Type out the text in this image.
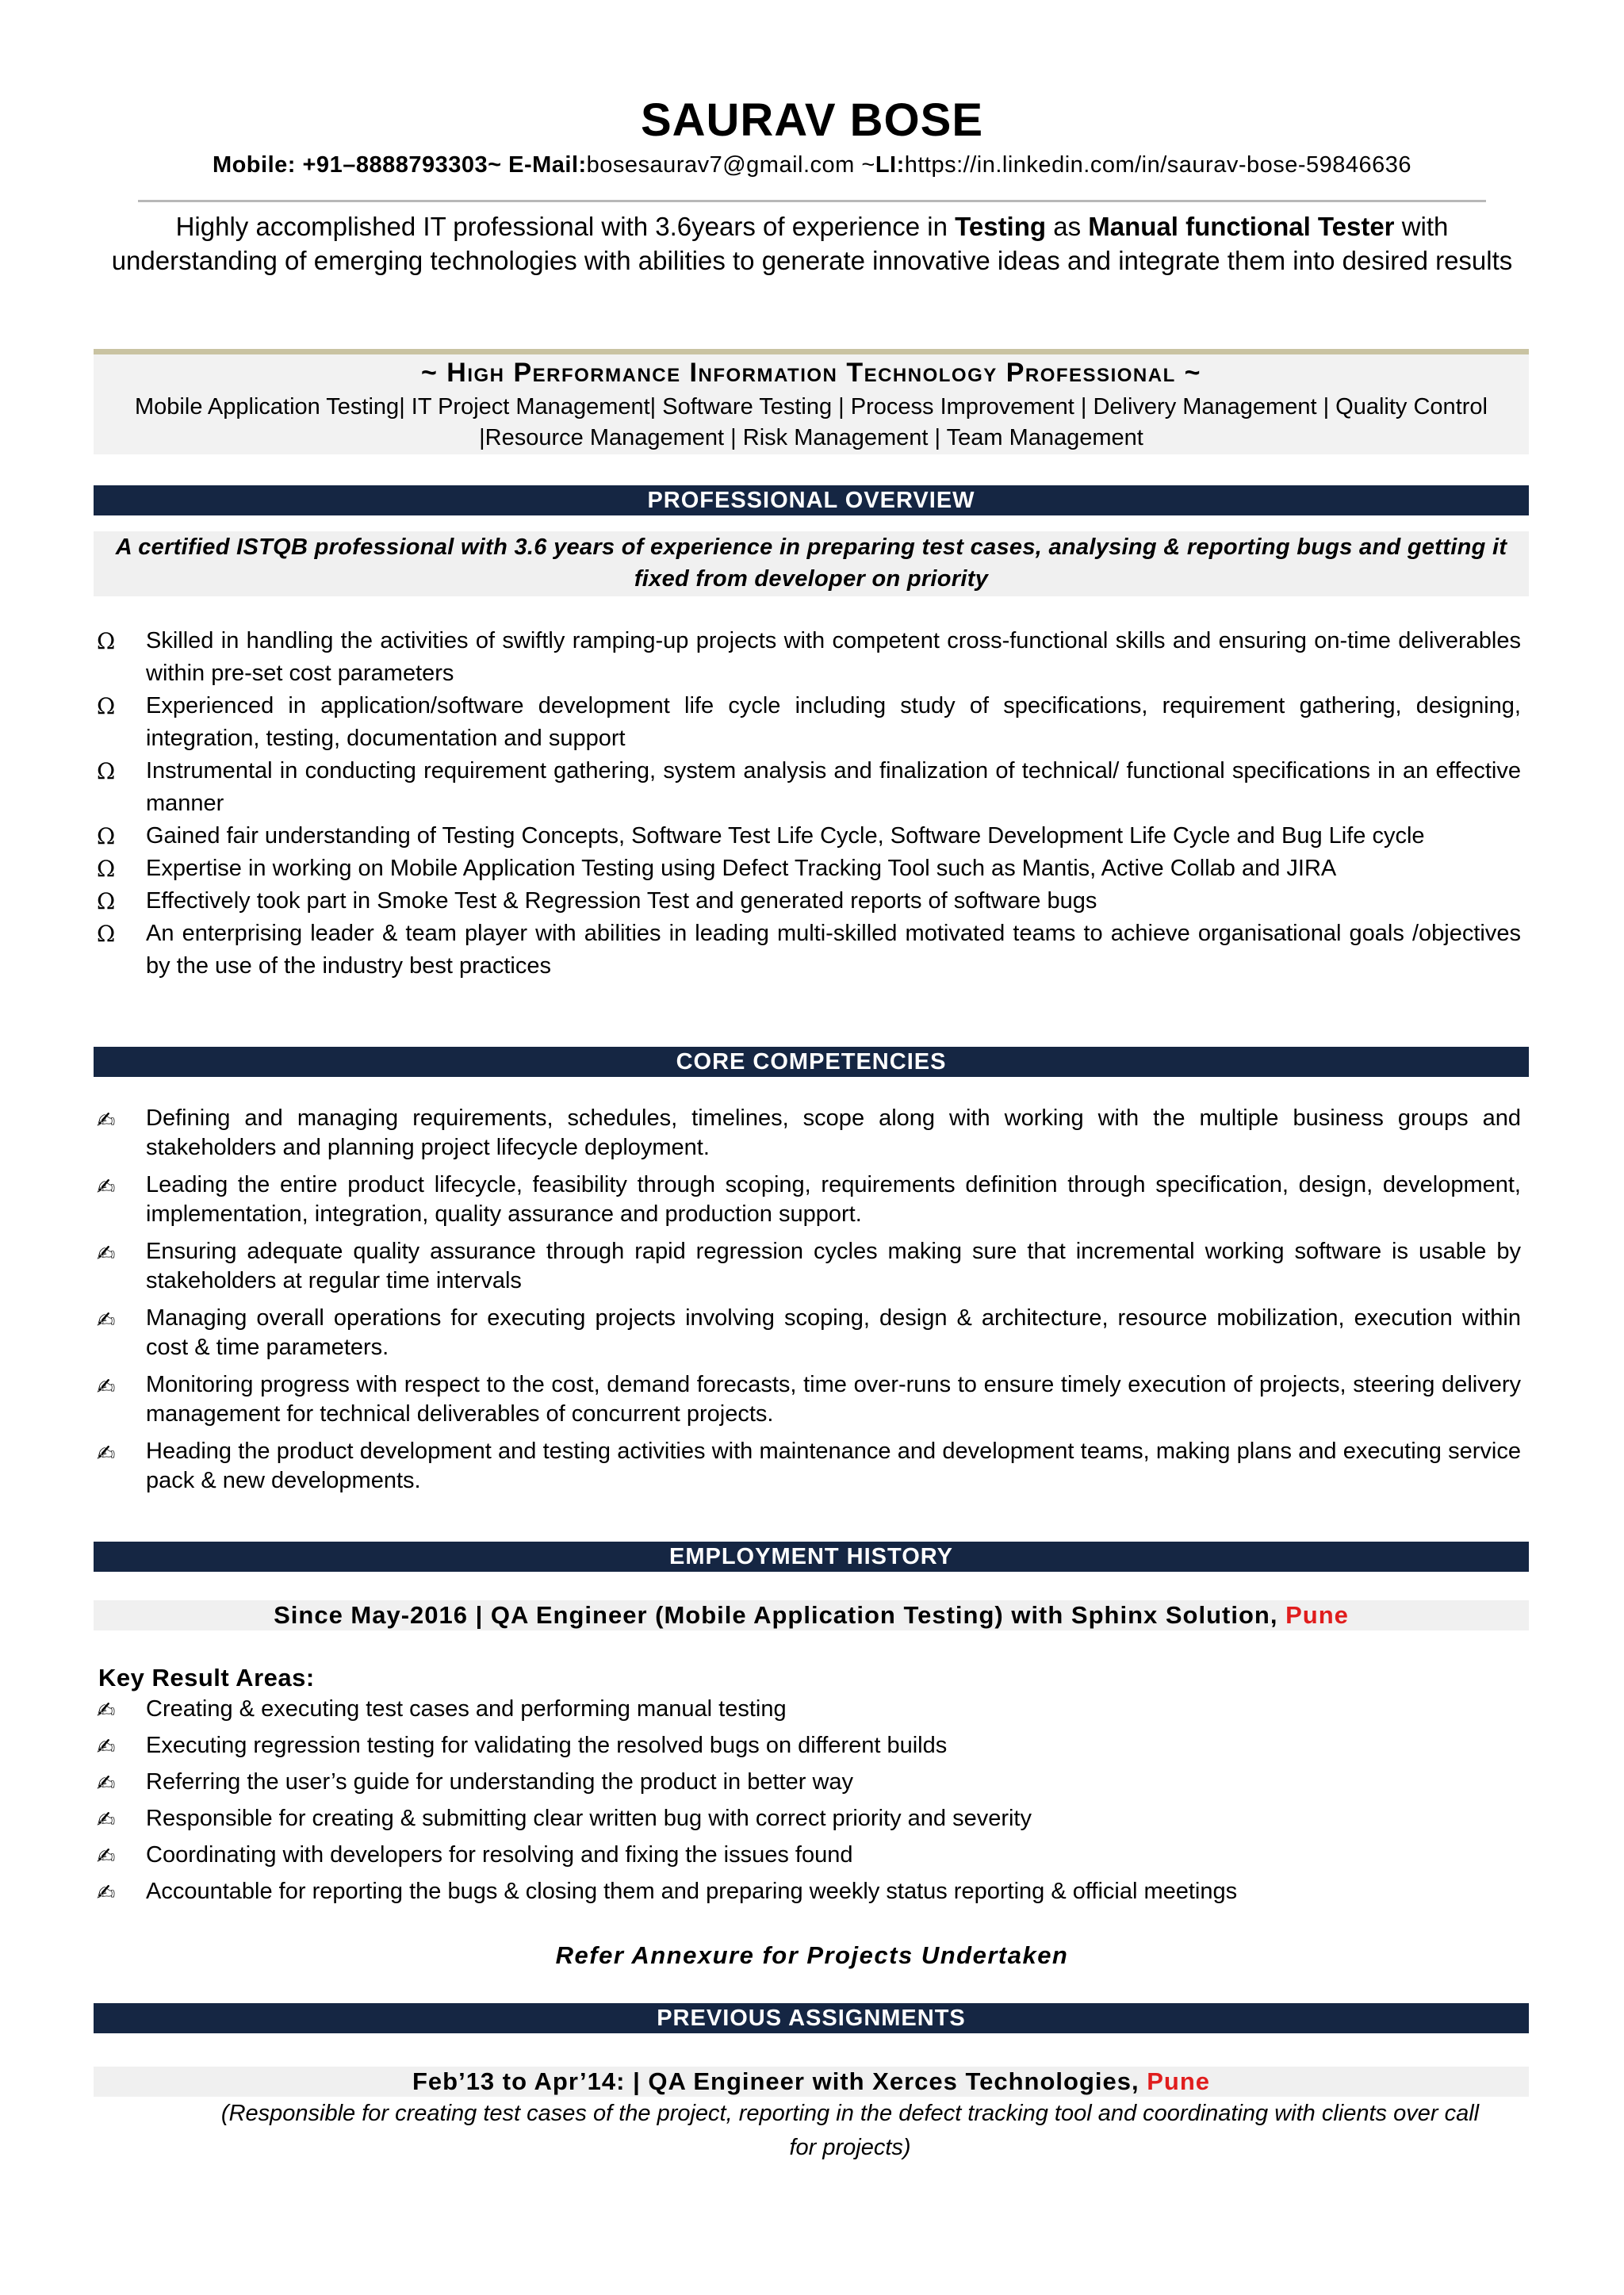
SAURAV BOSE
Mobile: +91–8888793303~ E-Mail:bosesaurav7@gmail.com ~LI:https://in.linkedin.com/in/saurav-bose-59846636
Highly accomplished IT professional with 3.6years of experience in Testing as Manual functional Tester with understanding of emerging technologies with abilities to generate innovative ideas and integrate them into desired results
~ High Performance Information Technology Professional ~
Mobile Application Testing| IT Project Management| Software Testing | Process Improvement | Delivery Management | Quality Control |Resource Management | Risk Management | Team Management
PROFESSIONAL OVERVIEW
A certified ISTQB professional with 3.6 years of experience in preparing test cases, analysing & reporting bugs and getting it fixed from developer on priority
Ω Skilled in handling the activities of swiftly ramping-up projects with competent cross-functional skills and ensuring on-time deliverables within pre-set cost parameters
Ω Experienced in application/software development life cycle including study of specifications, requirement gathering, designing, integration, testing, documentation and support
Ω Instrumental in conducting requirement gathering, system analysis and finalization of technical/ functional specifications in an effective manner
Ω Gained fair understanding of Testing Concepts, Software Test Life Cycle, Software Development Life Cycle and Bug Life cycle
Ω Expertise in working on Mobile Application Testing using Defect Tracking Tool such as Mantis, Active Collab and JIRA
Ω Effectively took part in Smoke Test & Regression Test and generated reports of software bugs
Ω An enterprising leader & team player with abilities in leading multi-skilled motivated teams to achieve organisational goals /objectives by the use of the industry best practices
CORE COMPETENCIES
✍ Defining and managing requirements, schedules, timelines, scope along with working with the multiple business groups and stakeholders and planning project lifecycle deployment.
✍ Leading the entire product lifecycle, feasibility through scoping, requirements definition through specification, design, development, implementation, integration, quality assurance and production support.
✍ Ensuring adequate quality assurance through rapid regression cycles making sure that incremental working software is usable by stakeholders at regular time intervals
✍ Managing overall operations for executing projects involving scoping, design & architecture, resource mobilization, execution within cost & time parameters.
✍ Monitoring progress with respect to the cost, demand forecasts, time over-runs to ensure timely execution of projects, steering delivery management for technical deliverables of concurrent projects.
✍ Heading the product development and testing activities with maintenance and development teams, making plans and executing service pack & new developments.
EMPLOYMENT HISTORY
Since May-2016 | QA Engineer (Mobile Application Testing) with Sphinx Solution, Pune
Key Result Areas:
✍ Creating & executing test cases and performing manual testing
✍ Executing regression testing for validating the resolved bugs on different builds
✍ Referring the user’s guide for understanding the product in better way
✍ Responsible for creating & submitting clear written bug with correct priority and severity
✍ Coordinating with developers for resolving and fixing the issues found
✍ Accountable for reporting the bugs & closing them and preparing weekly status reporting & official meetings
Refer Annexure for Projects Undertaken
PREVIOUS ASSIGNMENTS
Feb’13 to Apr’14: | QA Engineer with Xerces Technologies, Pune
(Responsible for creating test cases of the project, reporting in the defect tracking tool and coordinating with clients over call for projects)
